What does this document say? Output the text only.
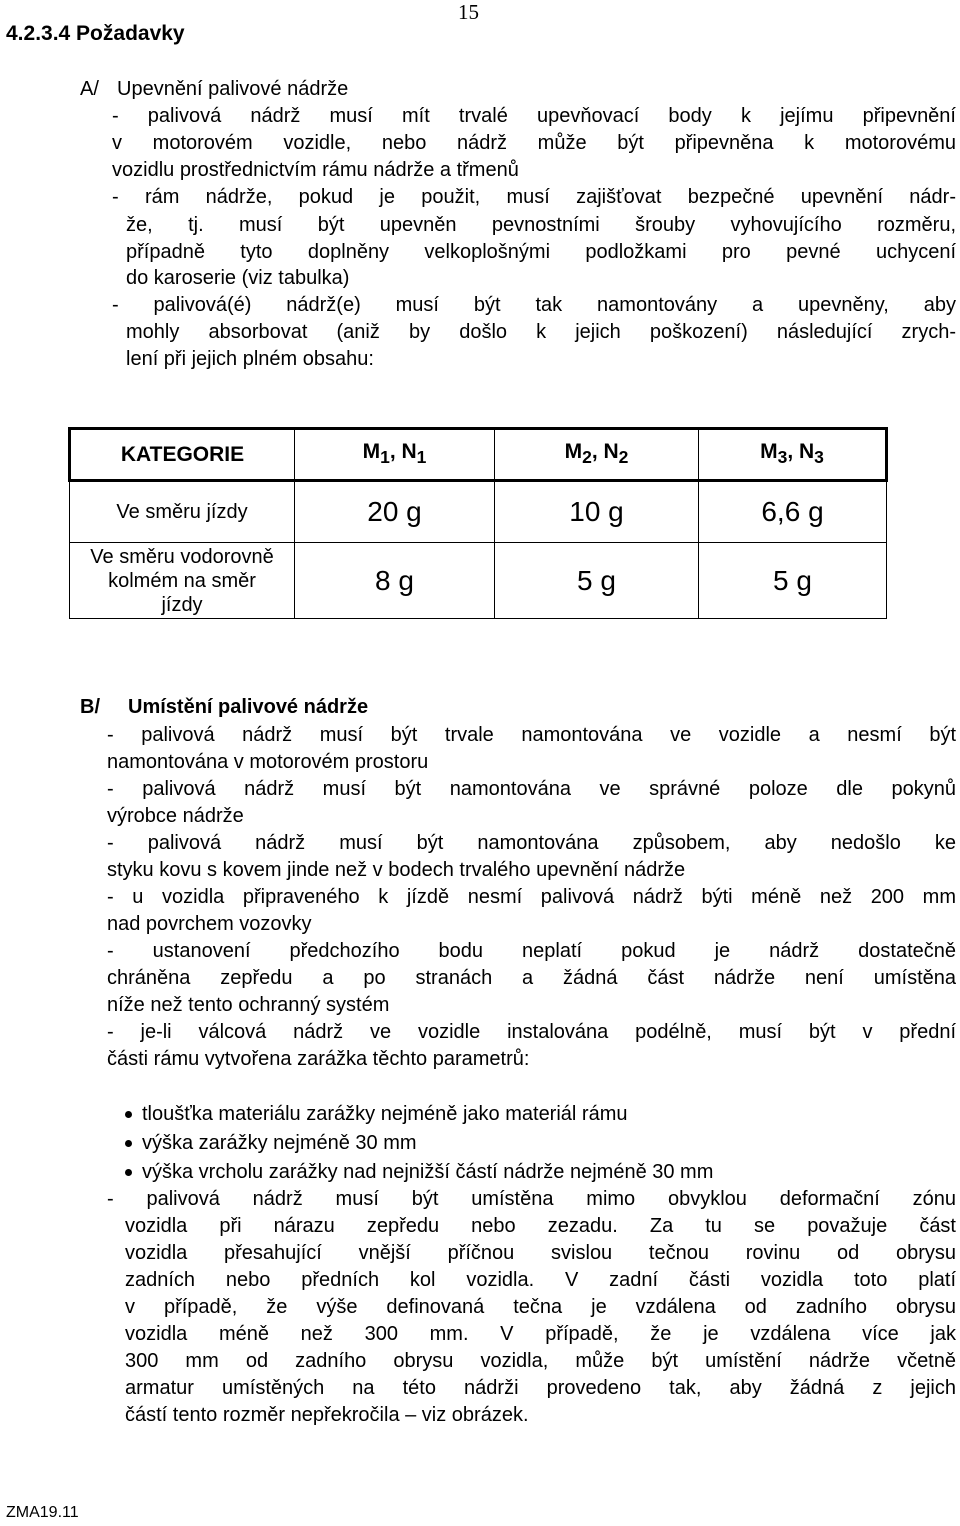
15
4.2.3.4 Požadavky
A/ Upevnění palivové nádrže
- palivová nádrž musí mít trvalé upevňovací body k jejímu připevnění
v motorovém vozidle, nebo nádrž může být připevněna k motorovému
vozidlu prostřednictvím rámu nádrže a třmenů
- rám nádrže, pokud je použit, musí zajišťovat bezpečné upevnění nádr-
že, tj. musí být upevněn pevnostními šrouby vyhovujícího rozměru,
případně tyto doplněny velkoplošnými podložkami pro pevné uchycení
do karoserie (viz tabulka)
- palivová(é) nádrž(e) musí být tak namontovány a upevněny, aby
mohly absorbovat (aniž by došlo k jejich poškození) následující zrych-
lení při jejich plném obsahu:
KATEGORIE	$M_1$, $N_1$	$M_2$, $N_2$	$M_3$, $N_3$
Ve směru jízdy	20 g	10 g	6,6 g

Ve směru vodorovně
kolmém na směr
jízdy	8 g	5 g	5 g
B/ Umístění palivové nádrže
- palivová nádrž musí být trvale namontována ve vozidle a nesmí být
namontována v motorovém prostoru
- palivová nádrž musí být namontována ve správné poloze dle pokynů
výrobce nádrže
- palivová nádrž musí být namontována způsobem, aby nedošlo ke
styku kovu s kovem jinde než v bodech trvalého upevnění nádrže
- u vozidla připraveného k jízdě nesmí palivová nádrž býti méně než 200 mm
nad povrchem vozovky
- ustanovení předchozího bodu neplatí pokud je nádrž dostatečně
chráněna zepředu a po stranách a žádná část nádrže není umístěna
níže než tento ochranný systém
- je-li válcová nádrž ve vozidle instalována podélně, musí být v přední
části rámu vytvořena zarážka těchto parametrů:
tloušťka materiálu zarážky nejméně jako materiál rámu
výška zarážky nejméně 30 mm
výška vrcholu zarážky nad nejnižší částí nádrže nejméně 30 mm
- palivová nádrž musí být umístěna mimo obvyklou deformační zónu
vozidla při nárazu zepředu nebo zezadu. Za tu se považuje část
vozidla přesahující vnější příčnou svislou tečnou rovinu od obrysu
zadních nebo předních kol vozidla. V zadní části vozidla toto platí
v případě, že výše definovaná tečna je vzdálena od zadního obrysu
vozidla méně než 300 mm. V případě, že je vzdálena více jak
300 mm od zadního obrysu vozidla, může být umístění nádrže včetně
armatur umístěných na této nádrži provedeno tak, aby žádná z jejich
částí tento rozměr nepřekročila – viz obrázek.
ZMA19.11
